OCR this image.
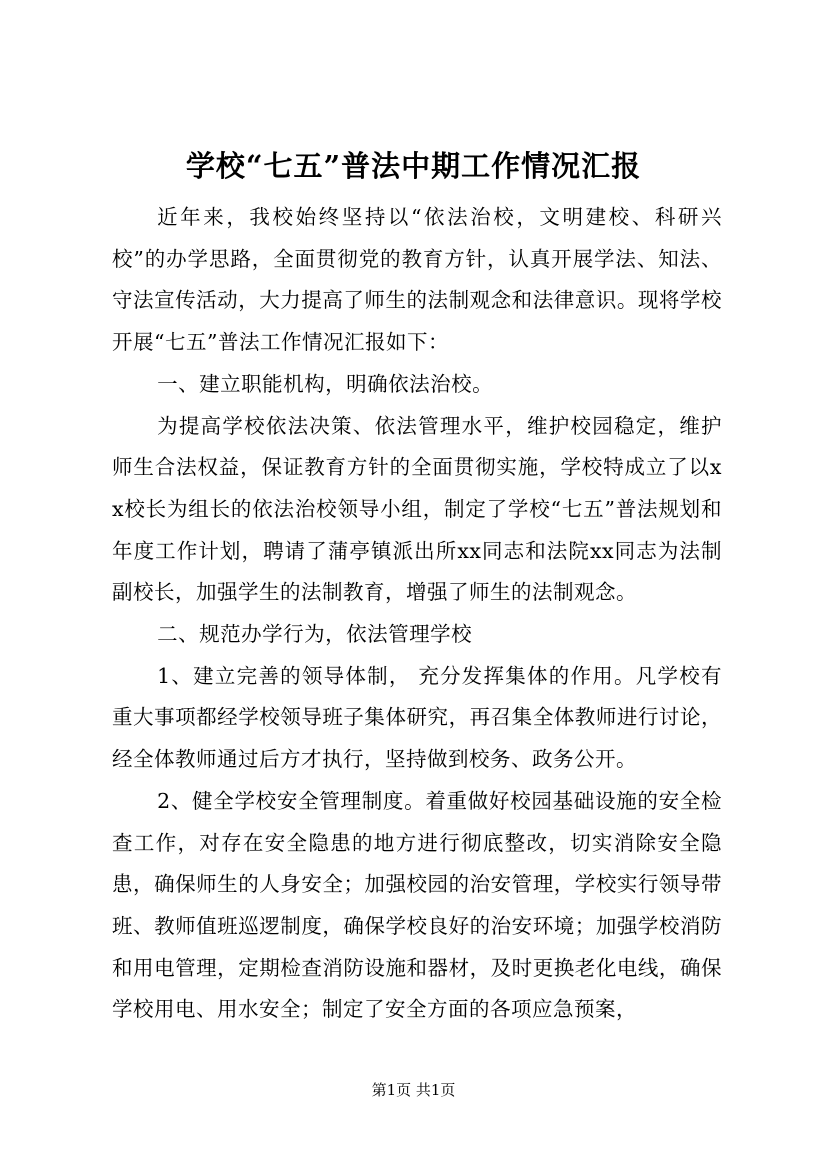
学校“七五”普法中期工作情况汇报

近年来，我校始终坚持以“依法治校，文明建校、科研兴校”的办学思路，全面贯彻党的教育方针，认真开展学法、知法、守法宣传活动，大力提高了师生的法制观念和法律意识。现将学校开展“七五”普法工作情况汇报如下：

一、建立职能机构，明确依法治校。

为提高学校依法决策、依法管理水平，维护校园稳定，维护师生合法权益，保证教育方针的全面贯彻实施，学校特成立了以xx校长为组长的依法治校领导小组，制定了学校“七五”普法规划和年度工作计划，聘请了蒲亭镇派出所xx同志和法院xx同志为法制副校长，加强学生的法制教育，增强了师生的法制观念。

二、规范办学行为，依法管理学校

1、建立完善的领导体制， 充分发挥集体的作用。凡学校有重大事项都经学校领导班子集体研究，再召集全体教师进行讨论，经全体教师通过后方才执行，坚持做到校务、政务公开。

2、健全学校安全管理制度。着重做好校园基础设施的安全检查工作，对存在安全隐患的地方进行彻底整改，切实消除安全隐患，确保师生的人身安全；加强校园的治安管理，学校实行领导带班、教师值班巡逻制度，确保学校良好的治安环境；加强学校消防和用电管理，定期检查消防设施和器材，及时更换老化电线，确保学校用电、用水安全；制定了安全方面的各项应急预案，

第1页 共1页
